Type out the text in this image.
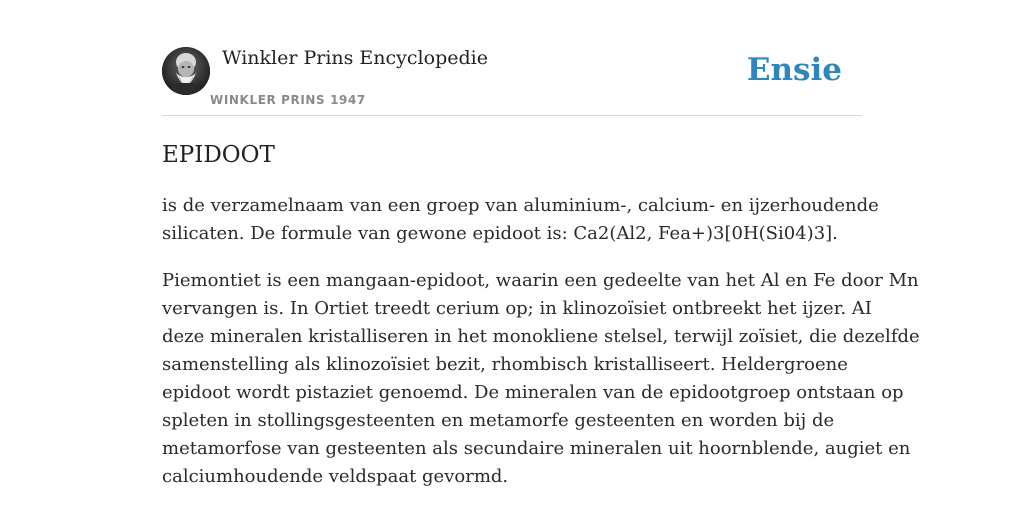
Winkler Prins Encyclopedie
WINKLER PRINS 1947
Ensie
EPIDOOT

is de verzamelnaam van een groep van aluminium-, calcium- en ijzerhoudende
silicaten. De formule van gewone epidoot is: Ca2(Al2, Fea+)3[0H(Si04)3].

Piemontiet is een mangaan-epidoot, waarin een gedeelte van het Al en Fe door Mn
vervangen is. In Ortiet treedt cerium op; in klinozoïsiet ontbreekt het ijzer. AI
deze mineralen kristalliseren in het monokliene stelsel, terwijl zoïsiet, die dezelfde
samenstelling als klinozoïsiet bezit, rhombisch kristalliseert. Heldergroene
epidoot wordt pistaziet genoemd. De mineralen van de epidootgroep ontstaan op
spleten in stollingsgesteenten en metamorfe gesteenten en worden bij de
metamorfose van gesteenten als secundaire mineralen uit hoornblende, augiet en
calciumhoudende veldspaat gevormd.
